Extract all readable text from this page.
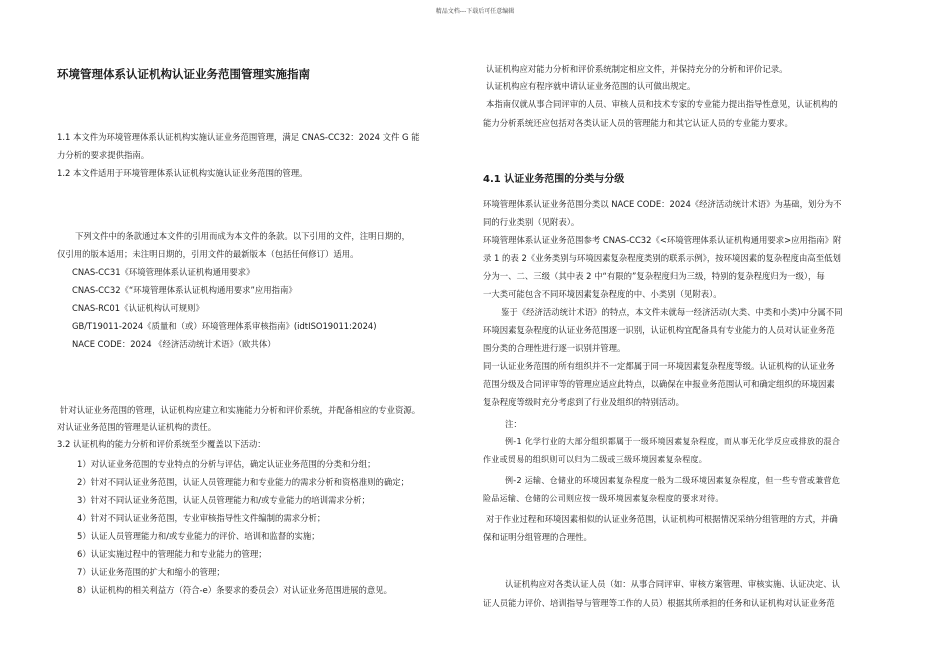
精品文档---下载后可任意编辑
环境管理体系认证机构认证业务范围管理实施指南
1.1 本文件为环境管理体系认证机构实施认证业务范围管理，满足 CNAS-CC32：2024 文件 G 能
力分析的要求提供指南。
1.2 本文件适用于环境管理体系认证机构实施认证业务范围的管理。
下列文件中的条款通过本文件的引用而成为本文件的条款。以下引用的文件，注明日期的，
仅引用的版本适用；未注明日期的，引用文件的最新版本（包括任何修订）适用。
CNAS-CC31《环境管理体系认证机构通用要求》
CNAS-CC32《“环境管理体系认证机构通用要求”应用指南》
CNAS-RC01《认证机构认可规则》
GB/T19011-2024《质量和（或）环境管理体系审核指南》(idtISO19011:2024)
NACE CODE：2024 《经济活动统计术语》（欧共体）
针对认证业务范围的管理，认证机构应建立和实施能力分析和评价系统，并配备相应的专业资源。
对认证业务范围的管理是认证机构的责任。
3.2 认证机构的能力分析和评价系统至少覆盖以下活动：
1）对认证业务范围的专业特点的分析与评估，确定认证业务范围的分类和分组；
2）针对不同认证业务范围，认证人员管理能力和专业能力的需求分析和资格准则的确定；
3）针对不同认证业务范围，认证人员管理能力和/或专业能力的培训需求分析；
4）针对不同认证业务范围，专业审核指导性文件编制的需求分析；
5）认证人员管理能力和/或专业能力的评价、培训和监督的实施；
6）认证实施过程中的管理能力和专业能力的管理；
7）认证业务范围的扩大和缩小的管理；
8）认证机构的相关利益方（符合-e）条要求的委员会）对认证业务范围进展的意见。
认证机构应对能力分析和评价系统制定相应文件，并保持充分的分析和评价记录。
认证机构应有程序就申请认证业务范围的认可做出规定。
本指南仅就从事合同评审的人员、审核人员和技术专家的专业能力提出指导性意见，认证机构的
能力分析系统还应包括对各类认证人员的管理能力和其它认证人员的专业能力要求。
4.1 认证业务范围的分类与分级
环境管理体系认证业务范围分类以 NACE CODE：2024《经济活动统计术语》为基础，划分为不
同的行业类别（见附表）。
环境管理体系认证业务范围参考 CNAS-CC32《<环境管理体系认证机构通用要求>应用指南》附
录 1 的表 2《业务类别与环境因素复杂程度类别的联系示例》，按环境因素的复杂程度由高至低划
分为一、二、三级（其中表 2 中“有限的”复杂程度归为三级，特别的复杂程度归为一级），每
一大类可能包含不同环境因素复杂程度的中、小类别（见附表）。
鉴于《经济活动统计术语》的特点，本文件未就每一经济活动(大类、中类和小类)中分属不同
环境因素复杂程度的认证业务范围逐一识别，认证机构宜配备具有专业能力的人员对认证业务范
围分类的合理性进行逐一识别并管理。
同一认证业务范围的所有组织并不一定都属于同一环境因素复杂程度等级。认证机构的认证业务
范围分级及合同评审等的管理应适应此特点，以确保在申报业务范围认可和确定组织的环境因素
复杂程度等级时充分考虑到了行业及组织的特别活动。
注：
例-1 化学行业的大部分组织都属于一级环境因素复杂程度，而从事无化学反应或排放的混合
作业或贸易的组织则可以归为二级或三级环境因素复杂程度。
例-2 运输、仓储业的环境因素复杂程度一般为二级环境因素复杂程度，但一些专营或兼营危
险品运输、仓储的公司则应按一级环境因素复杂程度的要求对待。
对于作业过程和环境因素相似的认证业务范围，认证机构可根据情况采纳分组管理的方式，并确
保和证明分组管理的合理性。
认证机构应对各类认证人员（如：从事合同评审、审核方案管理、审核实施、认证决定、认
证人员能力评价、培训指导与管理等工作的人员）根据其所承担的任务和认证机构对认证业务范
